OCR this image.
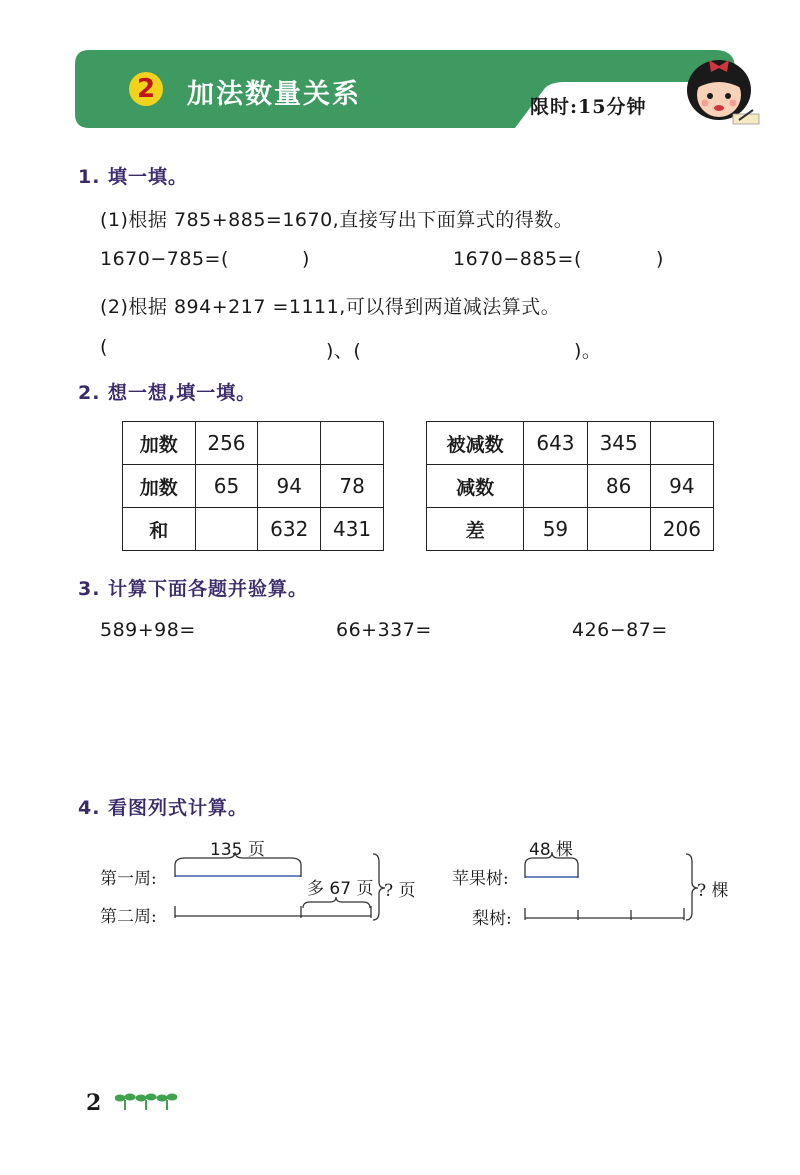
2 加法数量关系	限时:15分钟
1. 填一填。
(1)根据 785+885=1670,直接写出下面算式的得数。
1670−785=(	)	1670−885=(	)
(2)根据 894+217 =1111,可以得到两道减法算式。
(	)、(	)。
2. 想一想,填一填。
加数	256		
加数	65	94	78
和		632	431
被减数	643	345	
减数		86	94
差	59		206
3. 计算下面各题并验算。
589+98=	66+337=	426−87=
4. 看图列式计算。
第一周:
第二周:
135 页
多 67 页 ? 页
苹果树:
梨树:
48 棵
? 棵
2
